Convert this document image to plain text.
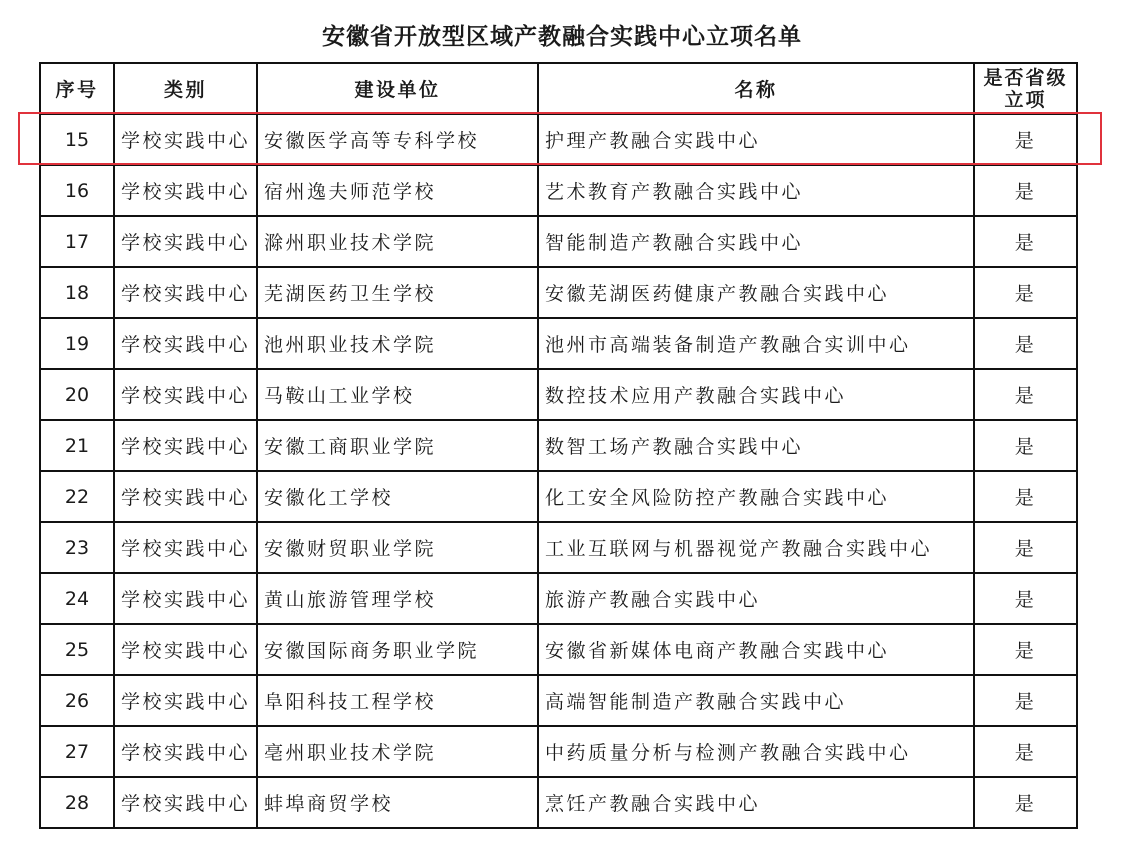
安徽省开放型区域产教融合实践中心立项名单
序号	类别	建设单位	名称	是否省级
立项

15	学校实践中心	安徽医学高等专科学校	护理产教融合实践中心	是
16	学校实践中心	宿州逸夫师范学校	艺术教育产教融合实践中心	是
17	学校实践中心	滁州职业技术学院	智能制造产教融合实践中心	是
18	学校实践中心	芜湖医药卫生学校	安徽芜湖医药健康产教融合实践中心	是
19	学校实践中心	池州职业技术学院	池州市高端装备制造产教融合实训中心	是
20	学校实践中心	马鞍山工业学校	数控技术应用产教融合实践中心	是
21	学校实践中心	安徽工商职业学院	数智工场产教融合实践中心	是
22	学校实践中心	安徽化工学校	化工安全风险防控产教融合实践中心	是
23	学校实践中心	安徽财贸职业学院	工业互联网与机器视觉产教融合实践中心	是
24	学校实践中心	黄山旅游管理学校	旅游产教融合实践中心	是
25	学校实践中心	安徽国际商务职业学院	安徽省新媒体电商产教融合实践中心	是
26	学校实践中心	阜阳科技工程学校	高端智能制造产教融合实践中心	是
27	学校实践中心	亳州职业技术学院	中药质量分析与检测产教融合实践中心	是
28	学校实践中心	蚌埠商贸学校	烹饪产教融合实践中心	是
